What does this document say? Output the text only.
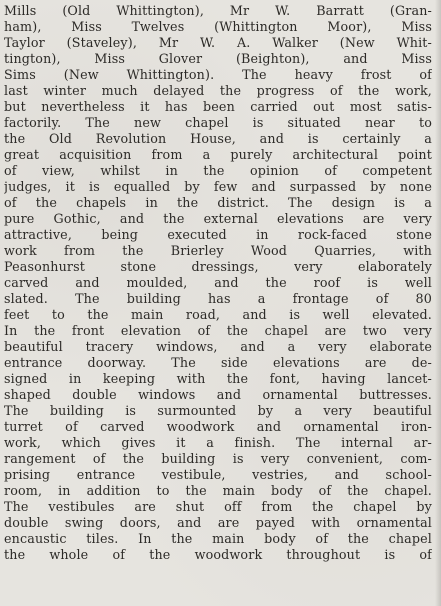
Mills (Old Whittington), Mr W. Barratt (Gran-
ham), Miss Twelves (Whittington Moor), Miss
Taylor (Staveley), Mr W. A. Walker (New Whit-
tington), Miss Glover (Beighton), and Miss
Sims (New Whittington). The heavy frost of
last winter much delayed the progress of the work,
but nevertheless it has been carried out most satis-
factorily. The new chapel is situated near to
the Old Revolution House, and is certainly a
great acquisition from a purely architectural point
of view, whilst in the opinion of competent
judges, it is equalled by few and surpassed by none
of the chapels in the district. The design is a
pure Gothic, and the external elevations are very
attractive, being executed in rock-faced stone
work from the Brierley Wood Quarries, with
Peasonhurst stone dressings, very elaborately
carved and moulded, and the roof is well
slated. The building has a frontage of 80
feet to the main road, and is well elevated.
In the front elevation of the chapel are two very
beautiful tracery windows, and a very elaborate
entrance doorway. The side elevations are de-
signed in keeping with the font, having lancet-
shaped double windows and ornamental buttresses.
The building is surmounted by a very beautiful
turret of carved woodwork and ornamental iron-
work, which gives it a finish. The internal ar-
rangement of the building is very convenient, com-
prising entrance vestibule, vestries, and school-
room, in addition to the main body of the chapel.
The vestibules are shut off from the chapel by
double swing doors, and are payed with ornamental
encaustic tiles. In the main body of the chapel
the whole of the woodwork throughout is of
